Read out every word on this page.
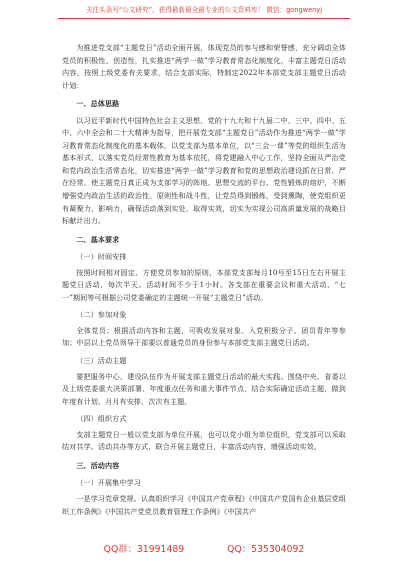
关注头条号“公文研究”，获得最新最全最专业的公文资料库！ 微信：gongwenyj

为推进党支部“主题党日”活动全面开展，体现党员的参与感和荣誉感，充分调动全体党员的积极性、创造性，扎实推进“两学一做”学习教育常态化制度化，丰富主题党日活动内容，按照上级党委有关要求，结合支部实际，特制定2022年本部党支部主题党日活动计划：

一、总体思路

以习近平新时代中国特色社会主义思想、党的十九大和十九届二中、三中、四中、五中、六中全会和二十大精神为指导，把开展党支部“主题党日”活动作为推进“两学一做”学习教育常态化制度化的基本载体，以党支部为基本单位，以“三会一课”等党的组织生活为基本形式，以落实党员经常性教育为基本依托，将党建融入中心工作，坚持全面从严治党和党内政治生活常态化，切实推进“两学一做”学习教育和党的思想政治建设抓在日常、严在经常。使主题党日真正成为支部学习的阵地、思想交流的平台、党性锻炼的熔炉，不断增强党内政治生活的政治性、原则性和战斗性，让党员得到锻炼，受到熏陶，使党组织更有凝聚力、影响力，确保活动落到实处，取得实效，切实为实现公司高质量发展的战略目标献计出力。

二、基本要求

（一）时间安排

按照时间相对固定、方便党员参加的原则，本部党支部每月10号至15日左右开展主题党日活动，每次半天。活动时间不少于1小时。各支部在重要会议和重大活动、“七一”期间等可根据公司党委确定的主题统一开展“主题党日”活动。

（二）参加对象

全体党员；根据活动内容和主题，可吸收发展对象、入党积极分子、团员青年等参加；中层以上党员领导干部要以普通党员的身份参与本部党支部主题党日活动。

（三）活动主题

要把服务中心、建设队伍作为开展支部主题党日活动的最大实践。围绕中央、省委以及上级党委重大决策部署、年度重点任务和重大事件节点，结合实际确定活动主题，做到年度有计划、月月有安排、次次有主题。

（四）组织方式

支部主题党日一般以党支部为单位开展，也可以党小组为单位组织，党支部可以采取结对共学、活动共办等方式，联合开展主题党日，丰富活动内容，增强活动实效。

三、活动内容

（一）开展集中学习

一是学习党章党规。认真组织学习《中国共产党章程》《中国共产党国有企业基层党组织工作条例》《中国共产党党员教育管理工作条例》《中国共产

QQ群：31991489	QQ：535304092
